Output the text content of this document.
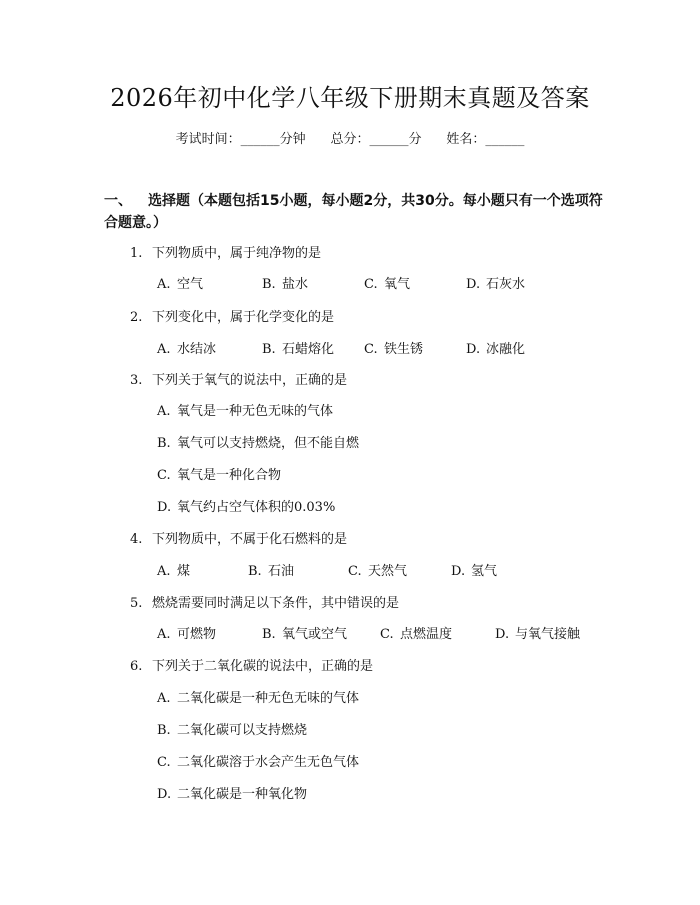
2026年初中化学八年级下册期末真题及答案
考试时间：______分钟 总分：______分 姓名：______
一、 选择题（本题包括15小题，每小题2分，共30分。每小题只有一个选项符
合题意。）
1. 下列物质中，属于纯净物的是
A. 空气	B. 盐水	C. 氧气	D. 石灰水
2. 下列变化中，属于化学变化的是
A. 水结冰	B. 石蜡熔化 C. 铁生锈	D. 冰融化
3. 下列关于氧气的说法中，正确的是
A. 氧气是一种无色无味的气体
B. 氧气可以支持燃烧，但不能自燃
C. 氧气是一种化合物
D. 氧气约占空气体积的0.03%
4. 下列物质中，不属于化石燃料的是
A. 煤	B. 石油	C. 天然气	D. 氢气
5. 燃烧需要同时满足以下条件，其中错误的是
A. 可燃物	B. 氧气或空气	C. 点燃温度	D. 与氧气接触
6. 下列关于二氧化碳的说法中，正确的是
A. 二氧化碳是一种无色无味的气体
B. 二氧化碳可以支持燃烧
C. 二氧化碳溶于水会产生无色气体
D. 二氧化碳是一种氧化物
